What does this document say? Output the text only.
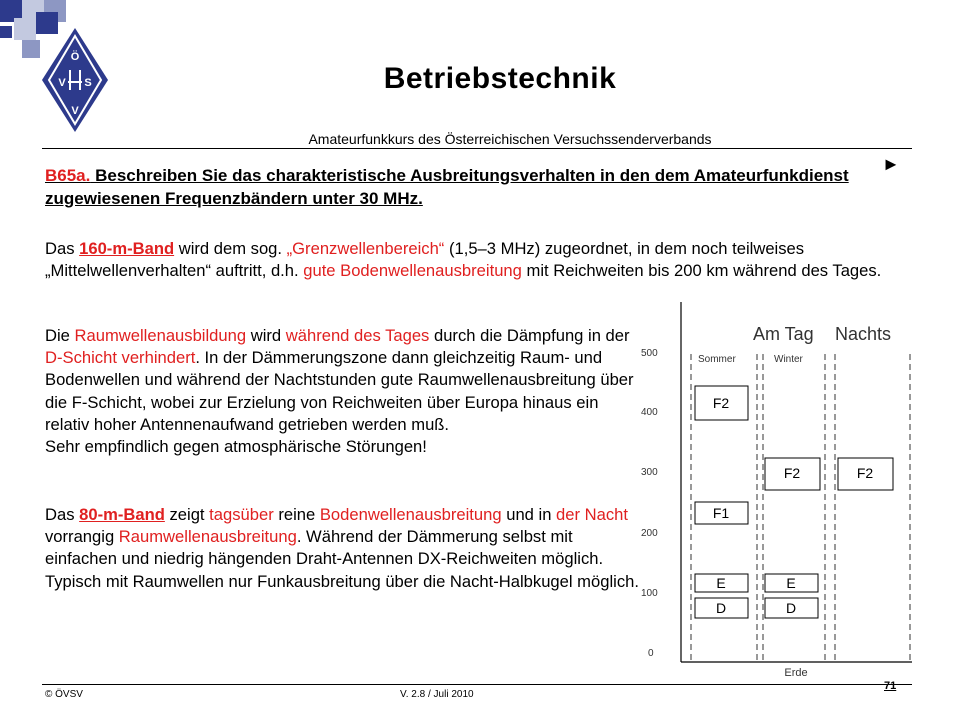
Ö
V S
V
Betriebstechnik
Amateurfunkkurs des Österreichischen Versuchssenderverbands
►
B65a. Beschreiben Sie das charakteristische Ausbreitungsverhalten in den dem Amateurfunkdienst zugewiesenen Frequenzbändern unter 30 MHz.
Das 160-m-Band wird dem sog. „Grenzwellenbereich“ (1,5–3 MHz) zugeordnet, in dem noch teilweises „Mittelwellenverhalten“ auftritt, d.h. gute Bodenwellenausbreitung mit Reichweiten bis 200 km während des Tages.
Die Raumwellenausbildung wird während des Tages durch die Dämpfung in der D-Schicht verhindert. In der Dämmerungszone dann gleichzeitig Raum- und Bodenwellen und während der Nachtstunden gute Raumwellenausbreitung über die F-Schicht, wobei zur Erzielung von Reichweiten über Europa hinaus ein relativ hoher Antennenaufwand getrieben werden muß.
Sehr empfindlich gegen atmosphärische Störungen!
Das 80-m-Band zeigt tagsüber reine Bodenwellenausbreitung und in der Nacht vorrangig Raumwellenausbreitung. Während der Dämmerung selbst mit einfachen und niedrig hängenden Draht-Antennen DX-Reichweiten möglich. Typisch mit Raumwellen nur Funkausbreitung über die Nacht-Halbkugel möglich.
Am Tag Nachts
Sommer	Winter
500
400
300
200
100
0
F2
F1
E
D
F2
E
D
F2
Erde
© ÖVSV	V. 2.8 / Juli 2010
71
